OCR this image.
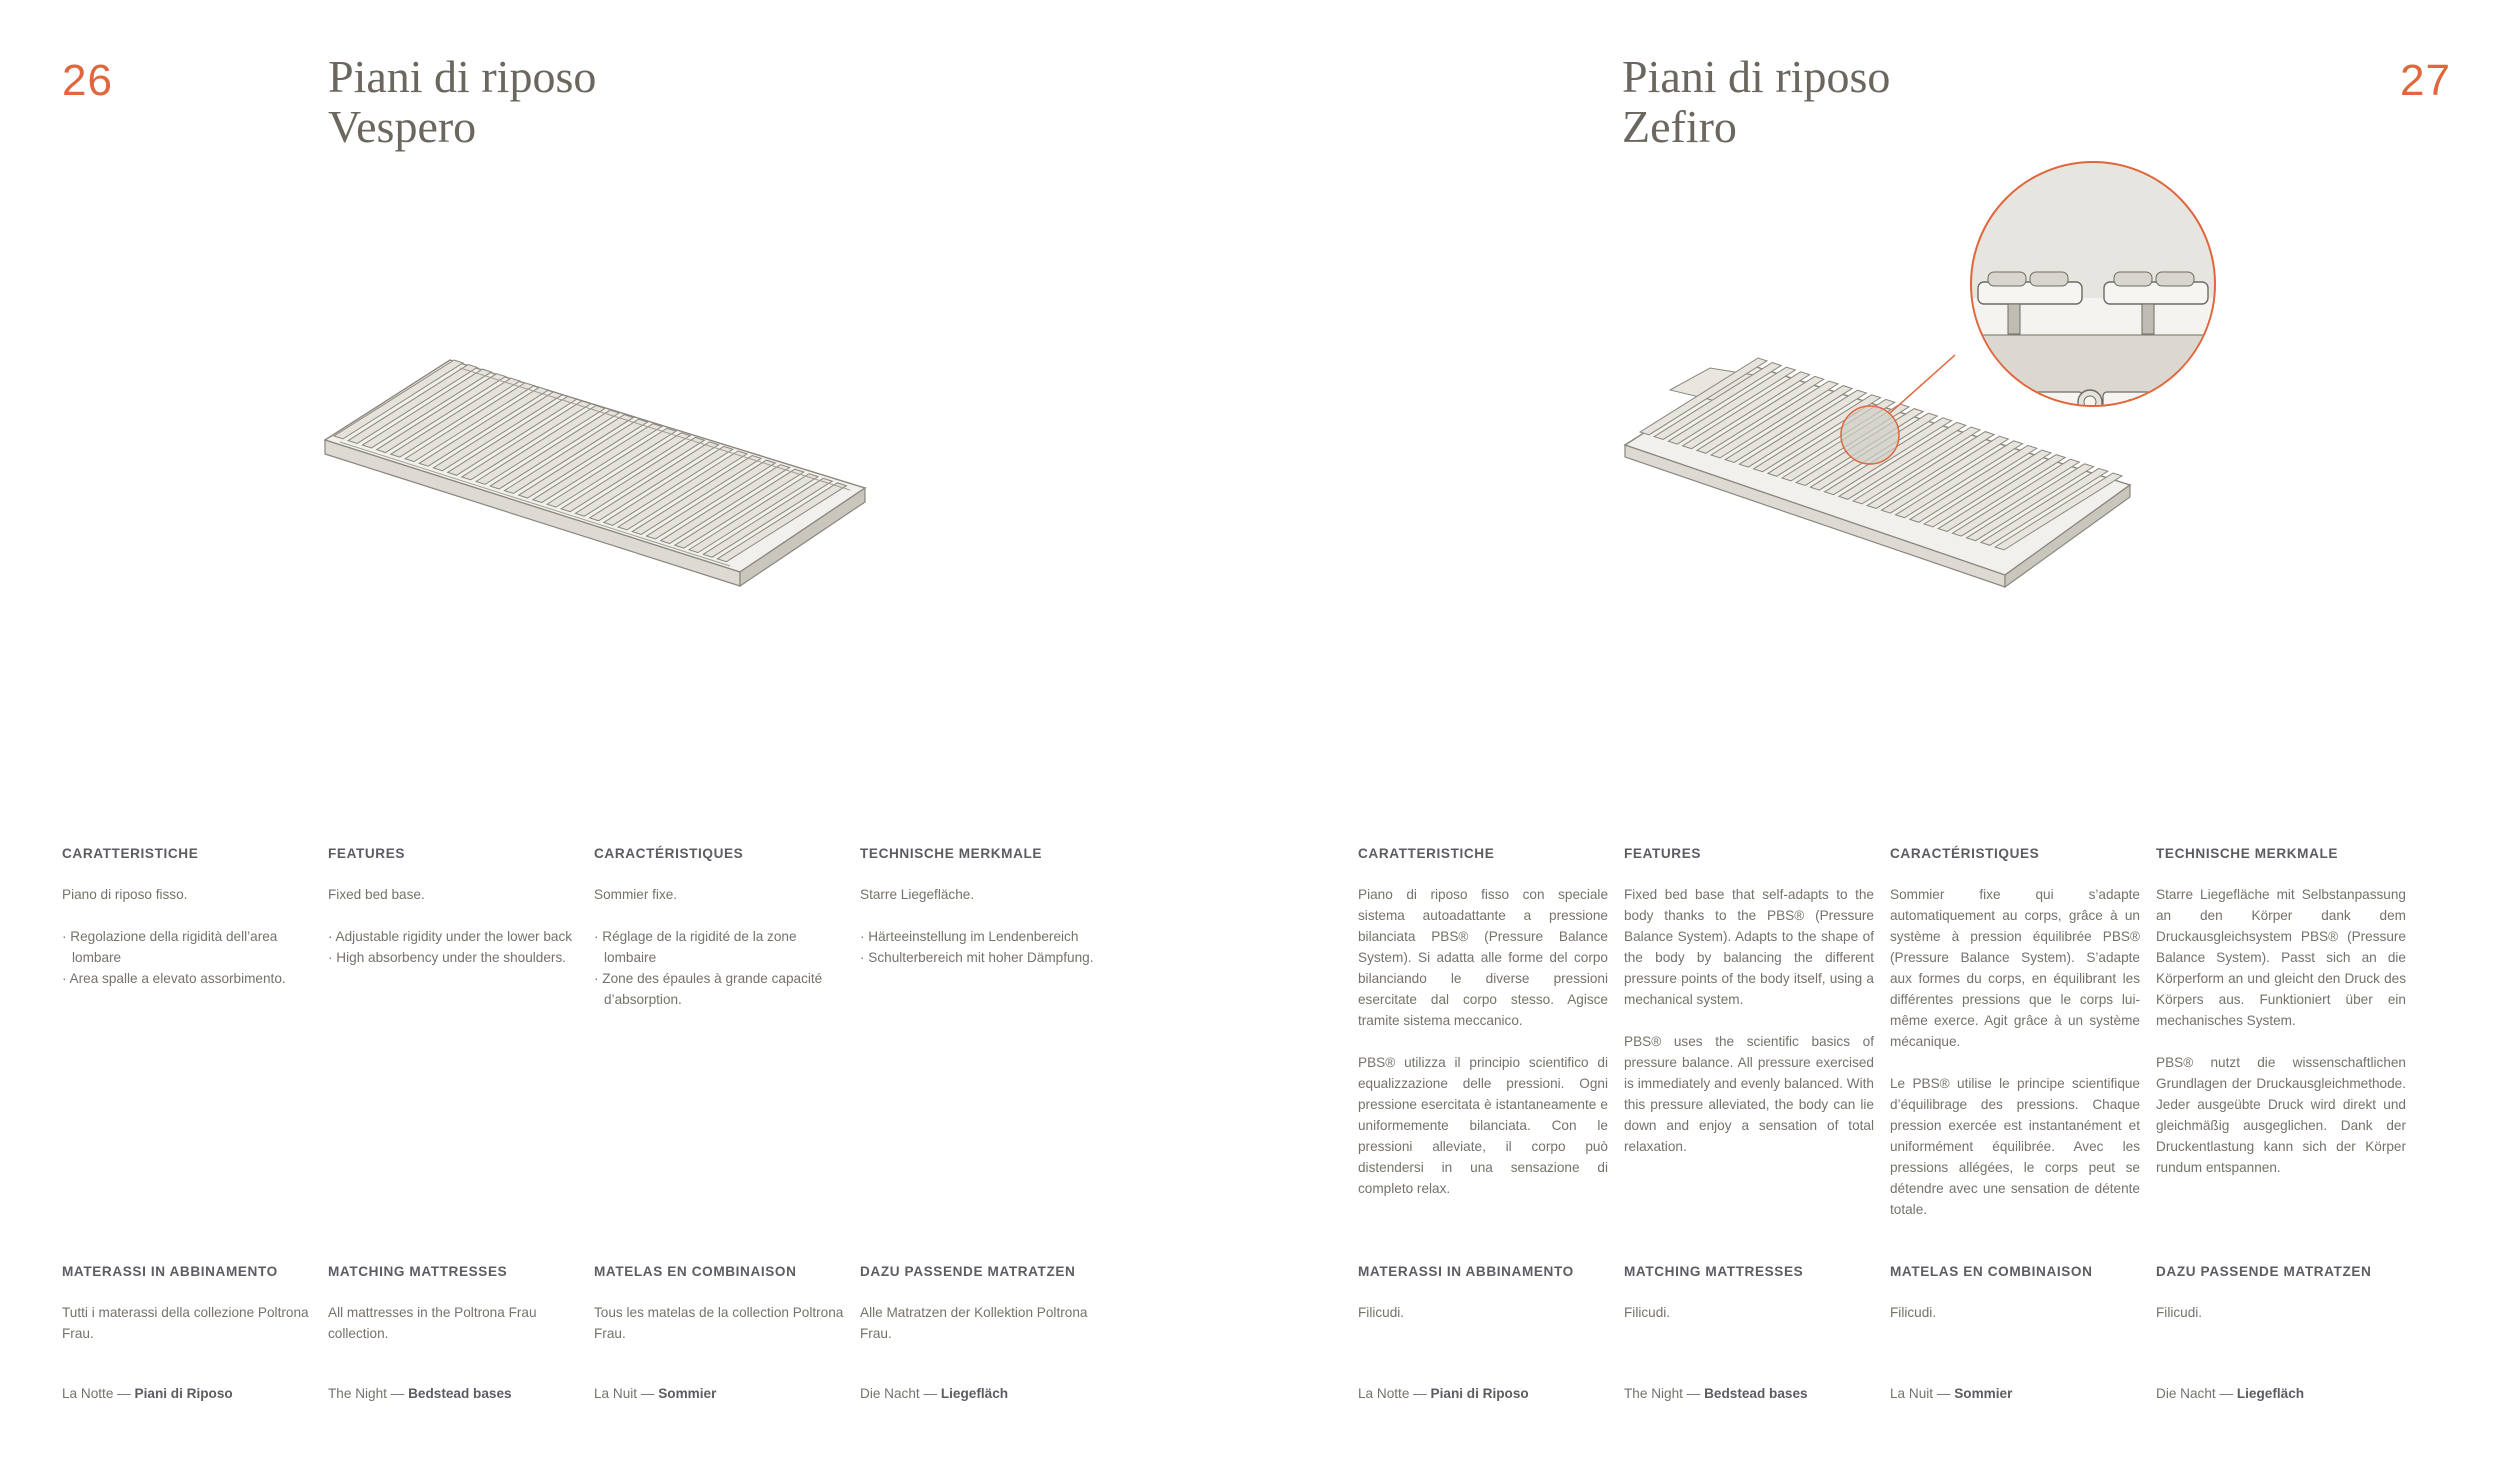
26	Piani di riposo
Vespero
CARATTERISTICHE

Piano di riposo fisso.

· Regolazione della rigidità dell’area lombare
· Area spalle a elevato assorbimento.
FEATURES

Fixed bed base.

· Adjustable rigidity under the lower back
· High absorbency under the shoulders.
CARACTÉRISTIQUES

Sommier fixe.

· Réglage de la rigidité de la zone lombaire
· Zone des épaules à grande capacité d’absorption.
TECHNISCHE MERKMALE

Starre Liegefläche.

· Härteeinstellung im Lendenbereich
· Schulterbereich mit hoher Dämpfung.
MATERASSI IN ABBINAMENTO

Tutti i materassi della collezione Poltrona Frau.

MATCHING MATTRESSES

All mattresses in the Poltrona Frau collection.

MATELAS EN COMBINAISON

Tous les matelas de la collection Poltrona Frau.

DAZU PASSENDE MATRATZEN

Alle Matratzen der Kollektion Poltrona Frau.

La Notte — Piani di Riposo	The Night — Bedstead bases	La Nuit — Sommier	Die Nacht — Liegefläch
27
Piani di riposo
Zefiro
CARATTERISTICHE

Piano di riposo fisso con speciale sistema autoadattante a pressione bilanciata PBS® (Pressure Balance System). Si adatta alle forme del corpo bilanciando le diverse pressioni esercitate dal corpo stesso. Agisce tramite sistema meccanico.

PBS® utilizza il principio scientifico di equalizzazione delle pressioni. Ogni pressione esercitata è istantaneamente e uniformemente bilanciata. Con le pressioni alleviate, il corpo può distendersi in una sensazione di completo relax.

FEATURES

Fixed bed base that self-adapts to the body thanks to the PBS® (Pressure Balance System). Adapts to the shape of the body by balancing the different pressure points of the body itself, using a mechanical system.

PBS® uses the scientific basics of pressure balance. All pressure exercised is immediately and evenly balanced. With this pressure alleviated, the body can lie down and enjoy a sensation of total relaxation.

CARACTÉRISTIQUES

Sommier fixe qui s’adapte automatiquement au corps, grâce à un système à pression équilibrée PBS® (Pressure Balance System). S’adapte aux formes du corps, en équilibrant les différentes pressions que le corps lui-même exerce. Agit grâce à un système mécanique.

Le PBS® utilise le principe scientifique d’équilibrage des pressions. Chaque pression exercée est instantanément et uniformément équilibrée. Avec les pressions allégées, le corps peut se détendre avec une sensation de détente totale.

TECHNISCHE MERKMALE

Starre Liegefläche mit Selbstanpassung an den Körper dank dem Druckausgleichsystem PBS® (Pressure Balance System). Passt sich an die Körperform an und gleicht den Druck des Körpers aus. Funktioniert über ein mechanisches System.

PBS® nutzt die wissenschaftlichen Grundlagen der Druckausgleichmethode. Jeder ausgeübte Druck wird direkt und gleichmäßig ausgeglichen. Dank der Druckentlastung kann sich der Körper rundum entspannen.

MATERASSI IN ABBINAMENTO

Filicudi.

MATCHING MATTRESSES

Filicudi.

MATELAS EN COMBINAISON

Filicudi.

DAZU PASSENDE MATRATZEN

Filicudi.

La Notte — Piani di Riposo	The Night — Bedstead bases	La Nuit — Sommier	Die Nacht — Liegefläch
